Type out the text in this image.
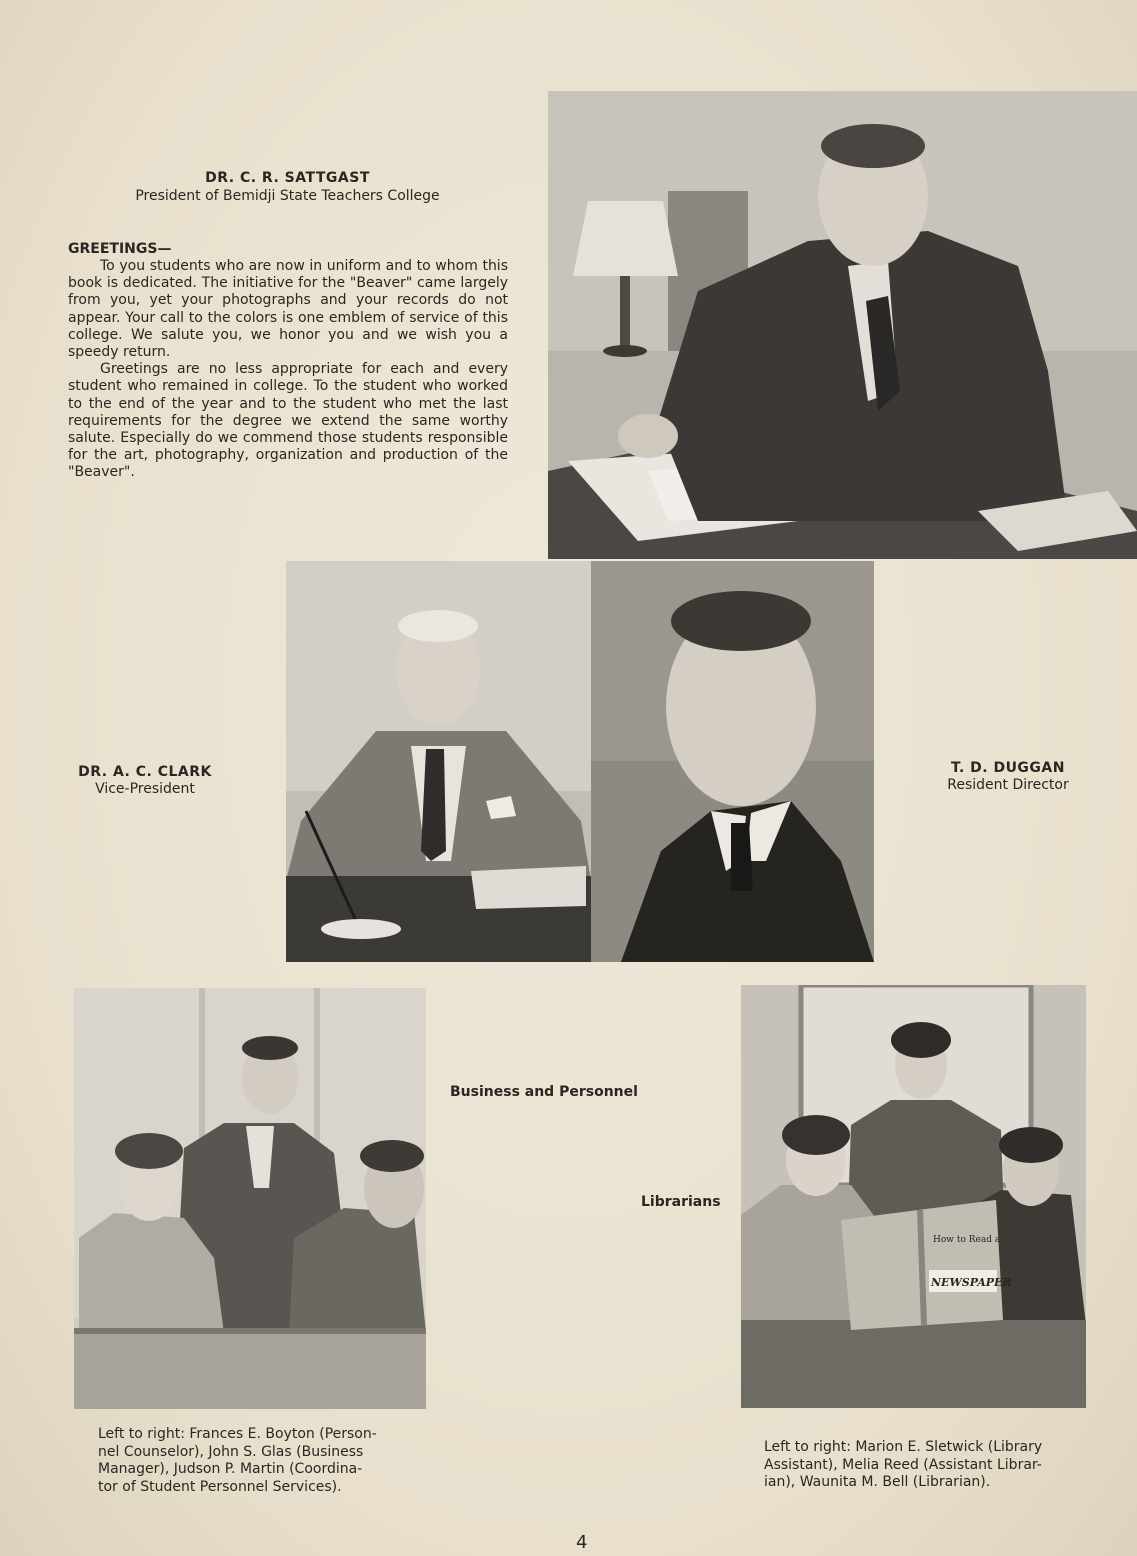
DR. C. R. SATTGAST
President of Bemidji State Teachers College
GREETINGS—

To you students who are now in uniform and to whom this book is dedicated. The initiative for the "Beaver" came largely from you, yet your photographs and your records do not appear. Your call to the colors is one emblem of service of this college. We salute you, we honor you and we wish you a speedy return.

Greetings are no less appropriate for each and every student who remained in college. To the student who worked to the end of the year and to the student who met the last requirements for the degree we extend the same worthy salute. Especially do we commend those students responsible for the art, photography, organization and production of the "Beaver".

DR. A. C. CLARK
Vice-President
T. D. DUGGAN
Resident Director
Business and Personnel
Librarians
How to Read a
NEWSPAPER
Left to right: Frances E. Boyton (Person-
nel Counselor), John S. Glas (Business
Manager), Judson P. Martin (Coordina-
tor of Student Personnel Services).
Left to right: Marion E. Sletwick (Library
Assistant), Melia Reed (Assistant Librar-
ian), Waunita M. Bell (Librarian).
4
